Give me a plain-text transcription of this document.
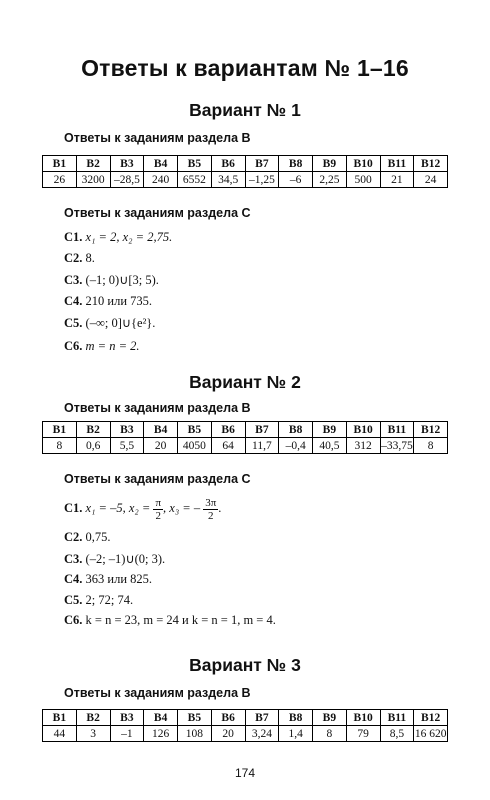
Ответы к вариантам № 1–16
Вариант № 1
Ответы к заданиям раздела B
B1	B2	B3	B4	B5	B6	B7	B8	B9	B10	B11	B12
26	3200	–28,5	240	6552	34,5	–1,25	–6	2,25	500	21	24
Ответы к заданиям раздела C
C1. x₁ = 2, x₂ = 2,75.
C2. 8.
C3. (–1; 0)∪[3; 5).
C4. 210 или 735.
C5. (–∞; 0]∪{e²}.
C6. m = n = 2.
Вариант № 2
Ответы к заданиям раздела B
B1	B2	B3	B4	B5	B6	B7	B8	B9	B10	B11	B12
8	0,6	5,5	20	4050	64	11,7	–0,4	40,5	312	–33,75	8
Ответы к заданиям раздела C
C1. x₁ = –5, $x_2 = \frac{\pi}{2}$ , x₃ = – $\frac{3\pi}{2}$ .
C2. 0,75.
C3. (–2; –1)∪(0; 3).
C4. 363 или 825.
C5. 2; 72; 74.
C6. k = n = 23, m = 24 и k = n = 1, m = 4.
Вариант № 3
Ответы к заданиям раздела B
B1	B2	B3	B4	B5	B6	B7	B8	B9	B10	B11	B12
44	3	–1	126	108	20	3,24	1,4	8	79	8,5	16 620
174
